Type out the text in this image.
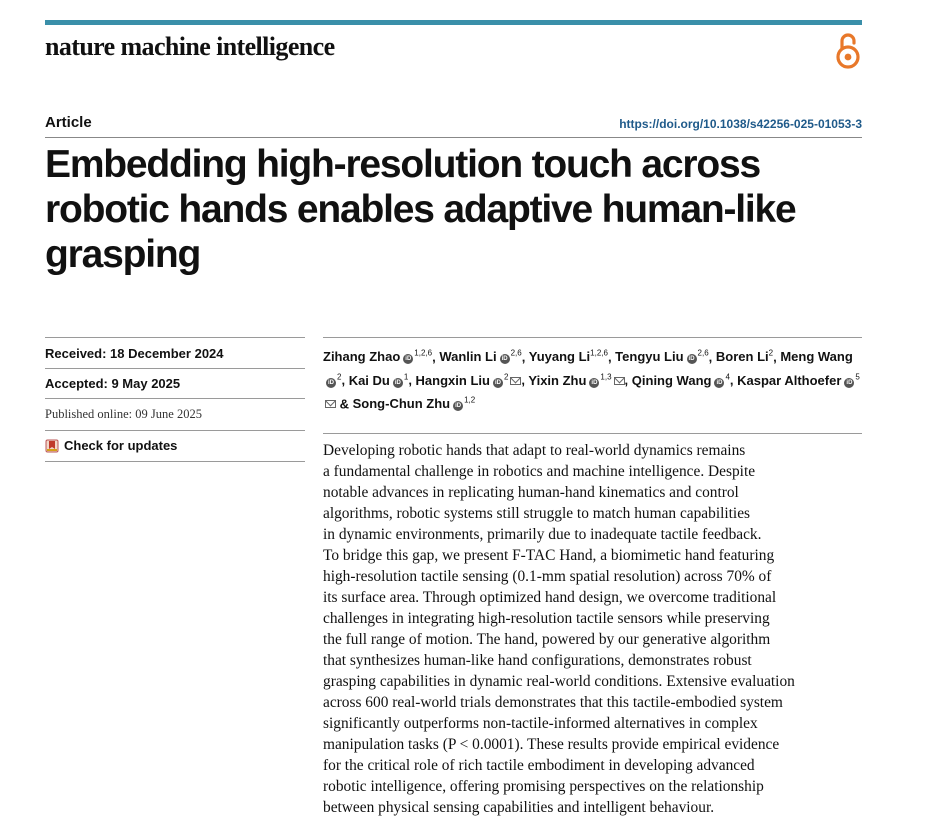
nature machine intelligence
Article	https://doi.org/10.1038/s42256-025-01053-3
Embedding high-resolution touch across
robotic hands enables adaptive human-like
grasping
Received: 18 December 2024
Accepted: 9 May 2025
Published online: 09 June 2025
Check for updates
Zihang Zhao iD$^{1,2,6}$, Wanlin Li iD$^{2,6}$, Yuyang Li$^{1,2,6}$, Tengyu Liu iD$^{2,6}$, Boren Li$^2$, Meng WangiD$^2$, Kai Du $iD^1$, Hangxin Liu $iD^2$ , Yixin Zhu iD$^{1,3}$ , Qining Wang $iD^4$, Kaspar Althoefer $iD^5$ & Song-Chun Zhu iD$^{1,2}$
Developing robotic hands that adapt to real-world dynamics remains
a fundamental challenge in robotics and machine intelligence. Despite
notable advances in replicating human-hand kinematics and control
algorithms, robotic systems still struggle to match human capabilities
in dynamic environments, primarily due to inadequate tactile feedback.
To bridge this gap, we present F-TAC Hand, a biomimetic hand featuring
high-resolution tactile sensing (0.1-mm spatial resolution) across 70% of
its surface area. Through optimized hand design, we overcome traditional
challenges in integrating high-resolution tactile sensors while preserving
the full range of motion. The hand, powered by our generative algorithm
that synthesizes human-like hand configurations, demonstrates robust
grasping capabilities in dynamic real-world conditions. Extensive evaluation
across 600 real-world trials demonstrates that this tactile-embodied system
significantly outperforms non-tactile-informed alternatives in complex
manipulation tasks (P < 0.0001). These results provide empirical evidence
for the critical role of rich tactile embodiment in developing advanced
robotic intelligence, offering promising perspectives on the relationship
between physical sensing capabilities and intelligent behaviour.
